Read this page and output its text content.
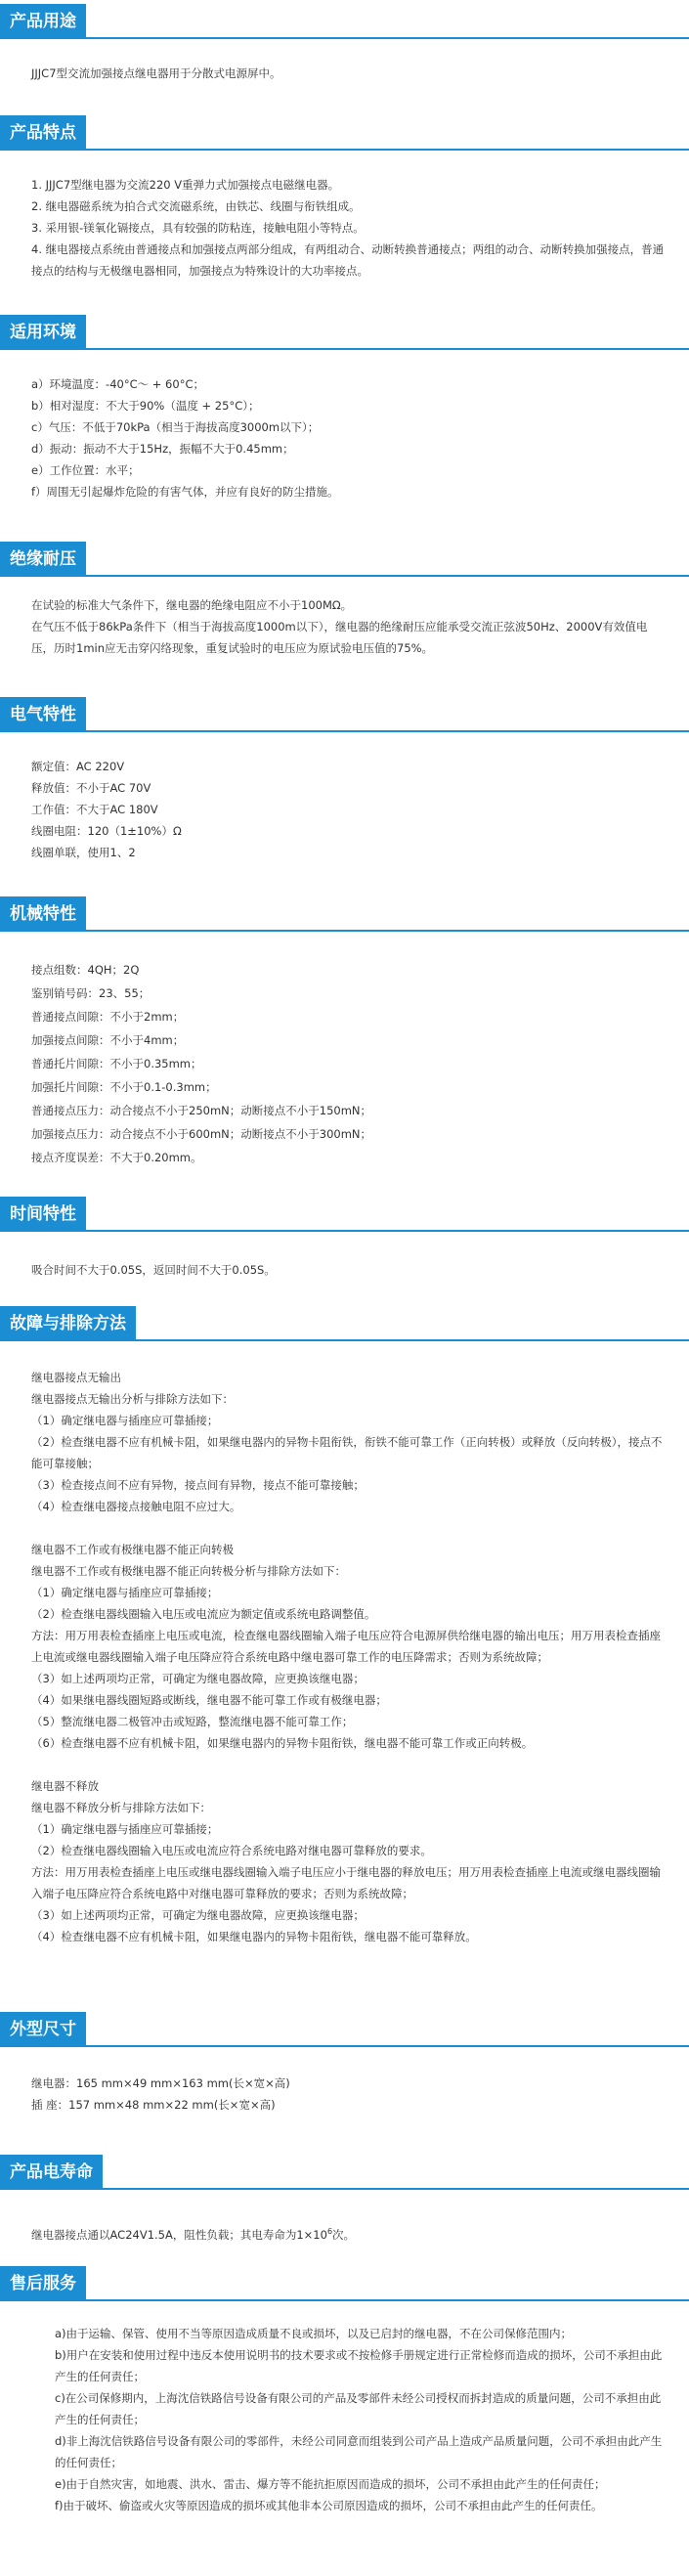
产品用途
JJJC7型交流加强接点继电器用于分散式电源屏中。
产品特点
1. JJJC7型继电器为交流220 V重弹力式加强接点电磁继电器。
2. 继电器磁系统为拍合式交流磁系统，由铁芯、线圈与衔铁组成。
3. 采用银-镁氧化镉接点，具有较强的防粘连，接触电阻小等特点。
4. 继电器接点系统由普通接点和加强接点两部分组成，有两组动合、动断转换普通接点；两组的动合、动断转换加强接点，普通接点的结构与无极继电器相同，加强接点为特殊设计的大功率接点。
适用环境
a）环境温度：-40°C～ + 60°C；
b）相对湿度：不大于90%（温度 + 25°C）；
c）气压：不低于70kPa（相当于海拔高度3000m以下）；
d）振动：振动不大于15Hz，振幅不大于0.45mm；
e）工作位置：水平；
f）周围无引起爆炸危险的有害气体，并应有良好的防尘措施。
绝缘耐压
在试验的标准大气条件下，继电器的绝缘电阻应不小于100MΩ。
在气压不低于86kPa条件下（相当于海拔高度1000m以下），继电器的绝缘耐压应能承受交流正弦波50Hz、2000V有效值电压，历时1min应无击穿闪络现象，重复试验时的电压应为原试验电压值的75%。
电气特性
额定值：AC 220V
释放值：不小于AC 70V
工作值：不大于AC 180V
线圈电阻：120（1±10%）Ω
线圈单联，使用1、2
机械特性
接点组数：4QH；2Q
鉴别销号码：23、55；
普通接点间隙：不小于2mm；
加强接点间隙：不小于4mm；
普通托片间隙：不小于0.35mm；
加强托片间隙：不小于0.1-0.3mm；
普通接点压力：动合接点不小于250mN；动断接点不小于150mN；
加强接点压力：动合接点不小于600mN；动断接点不小于300mN；
接点齐度误差：不大于0.20mm。
时间特性
吸合时间不大于0.05S，返回时间不大于0.05S。
故障与排除方法
继电器接点无输出
继电器接点无输出分析与排除方法如下：
（1）确定继电器与插座应可靠插接；
（2）检查继电器不应有机械卡阻，如果继电器内的异物卡阻衔铁，衔铁不能可靠工作（正向转极）或释放（反向转极），接点不能可靠接触；
（3）检查接点间不应有异物，接点间有异物，接点不能可靠接触；
（4）检查继电器接点接触电阻不应过大。
继电器不工作或有极继电器不能正向转极
继电器不工作或有极继电器不能正向转极分析与排除方法如下：
（1）确定继电器与插座应可靠插接；
（2）检查继电器线圈输入电压或电流应为额定值或系统电路调整值。
方法：用万用表检查插座上电压或电流，检查继电器线圈输入端子电压应符合电源屏供给继电器的输出电压；用万用表检查插座上电流或继电器线圈输入端子电压降应符合系统电路中继电器可靠工作的电压降需求；否则为系统故障；
（3）如上述两项均正常，可确定为继电器故障，应更换该继电器；
（4）如果继电器线圈短路或断线，继电器不能可靠工作或有极继电器；
（5）整流继电器二极管冲击或短路，整流继电器不能可靠工作；
（6）检查继电器不应有机械卡阻，如果继电器内的异物卡阻衔铁，继电器不能可靠工作或正向转极。
继电器不释放
继电器不释放分析与排除方法如下：
（1）确定继电器与插座应可靠插接；
（2）检查继电器线圈输入电压或电流应符合系统电路对继电器可靠释放的要求。
方法：用万用表检查插座上电压或继电器线圈输入端子电压应小于继电器的释放电压；用万用表检查插座上电流或继电器线圈输入端子电压降应符合系统电路中对继电器可靠释放的要求；否则为系统故障；
（3）如上述两项均正常，可确定为继电器故障，应更换该继电器；
（4）检查继电器不应有机械卡阻，如果继电器内的异物卡阻衔铁，继电器不能可靠释放。
外型尺寸
继电器：165 mm×49 mm×163 mm(长×宽×高)
插 座：157 mm×48 mm×22 mm(长×宽×高)
产品电寿命
继电器接点通以AC24V1.5A，阻性负载；其电寿命为$1\times 10^6$次。
售后服务
a)由于运输、保管、使用不当等原因造成质量不良或损坏，以及已启封的继电器，不在公司保修范围内；
b)用户在安装和使用过程中违反本使用说明书的技术要求或不按检修手册规定进行正常检修而造成的损坏，公司不承担由此产生的任何责任；
c)在公司保修期内，上海沈信铁路信号设备有限公司的产品及零部件未经公司授权而拆封造成的质量问题，公司不承担由此产生的任何责任；
d)非上海沈信铁路信号设备有限公司的零部件，未经公司同意而组装到公司产品上造成产品质量问题，公司不承担由此产生的任何责任；
e)由于自然灾害，如地震、洪水、雷击、爆方等不能抗拒原因而造成的损坏，公司不承担由此产生的任何责任；
f)由于破坏、偷盗或火灾等原因造成的损坏或其他非本公司原因造成的损坏，公司不承担由此产生的任何责任。
